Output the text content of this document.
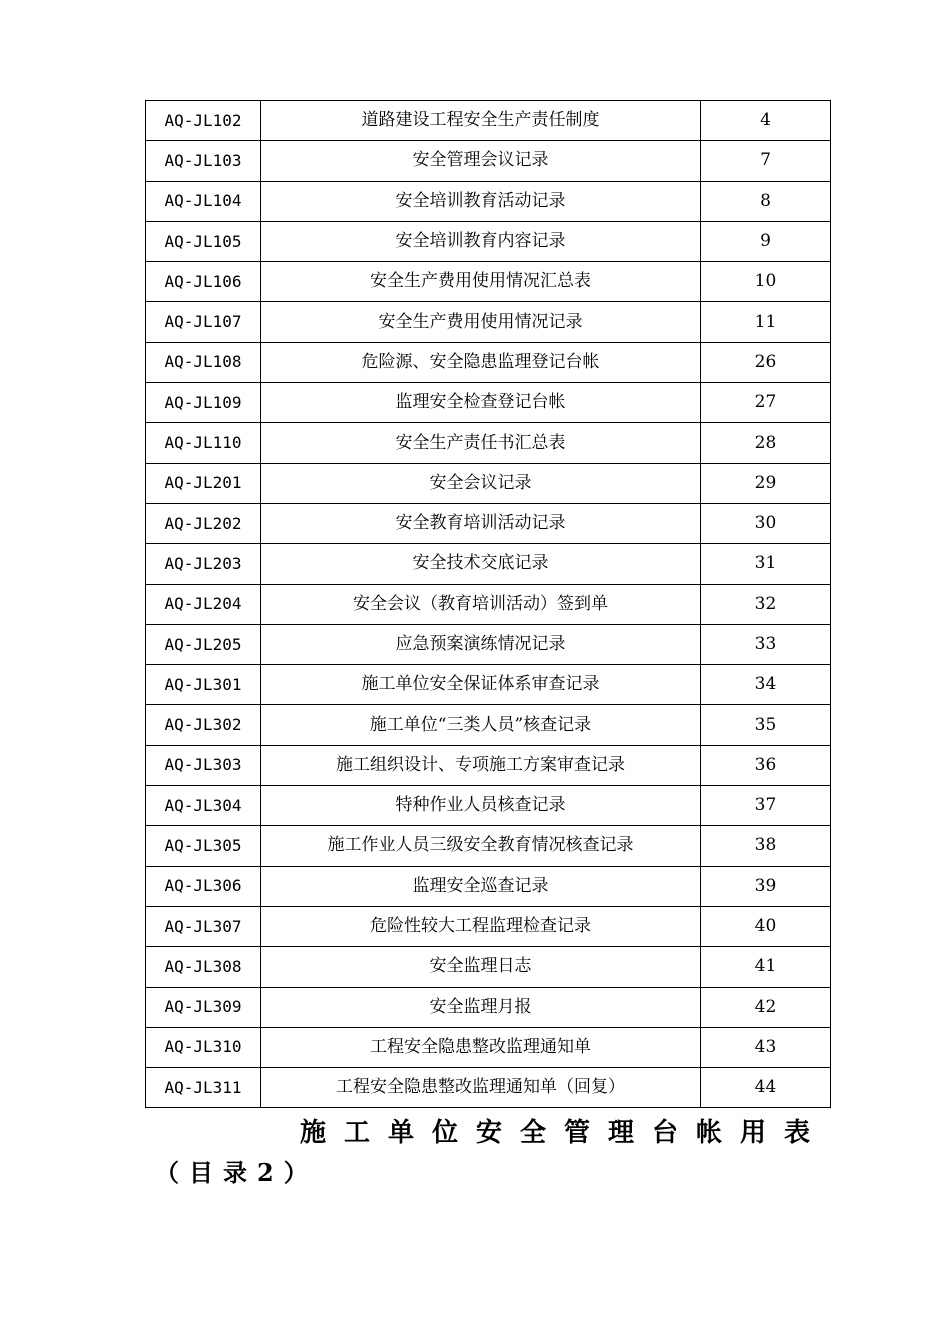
AQ-JL102	道路建设工程安全生产责任制度	4
AQ-JL103	安全管理会议记录	7
AQ-JL104	安全培训教育活动记录	8
AQ-JL105	安全培训教育内容记录	9
AQ-JL106	安全生产费用使用情况汇总表	10
AQ-JL107	安全生产费用使用情况记录	11
AQ-JL108	危险源、安全隐患监理登记台帐	26
AQ-JL109	监理安全检查登记台帐	27
AQ-JL110	安全生产责任书汇总表	28
AQ-JL201	安全会议记录	29
AQ-JL202	安全教育培训活动记录	30
AQ-JL203	安全技术交底记录	31
AQ-JL204	安全会议（教育培训活动）签到单	32
AQ-JL205	应急预案演练情况记录	33
AQ-JL301	施工单位安全保证体系审查记录	34
AQ-JL302	施工单位“三类人员”核查记录	35
AQ-JL303	施工组织设计、专项施工方案审查记录	36
AQ-JL304	特种作业人员核查记录	37
AQ-JL305	施工作业人员三级安全教育情况核查记录	38
AQ-JL306	监理安全巡查记录	39
AQ-JL307	危险性较大工程监理检查记录	40
AQ-JL308	安全监理日志	41
AQ-JL309	安全监理月报	42
AQ-JL310	工程安全隐患整改监理通知单	43
AQ-JL311	工程安全隐患整改监理通知单（回复）	44
施工单位安全管理台帐用表
（目录2）
